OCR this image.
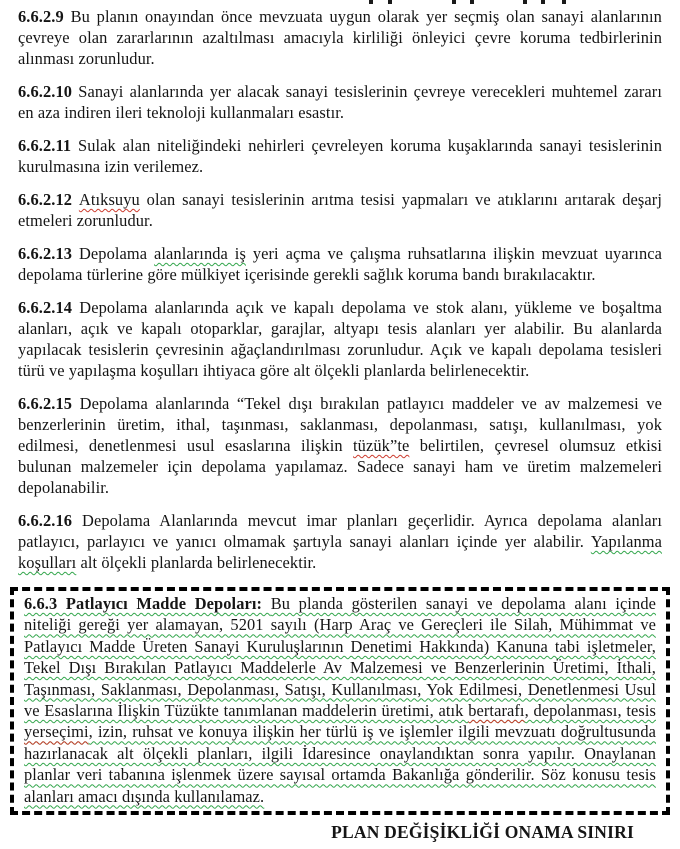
6.6.2.9 Bu planın onayından önce mevzuata uygun olarak yer seçmiş olan sanayi alanlarının çevreye olan zararlarının azaltılması amacıyla kirliliği önleyici çevre koruma tedbirlerinin alınması zorunludur.

6.6.2.10 Sanayi alanlarında yer alacak sanayi tesislerinin çevreye verecekleri muhtemel zararı en aza indiren ileri teknoloji kullanmaları esastır.

6.6.2.11 Sulak alan niteliğindeki nehirleri çevreleyen koruma kuşaklarında sanayi tesislerinin kurulmasına izin verilemez.

6.6.2.12 Atıksuyu olan sanayi tesislerinin arıtma tesisi yapmaları ve atıklarını arıtarak deşarj etmeleri zorunludur.

6.6.2.13 Depolama alanlarında iş yeri açma ve çalışma ruhsatlarına ilişkin mevzuat uyarınca depolama türlerine göre mülkiyet içerisinde gerekli sağlık koruma bandı bırakılacaktır.

6.6.2.14 Depolama alanlarında açık ve kapalı depolama ve stok alanı, yükleme ve boşaltma alanları, açık ve kapalı otoparklar, garajlar, altyapı tesis alanları yer alabilir. Bu alanlarda yapılacak tesislerin çevresinin ağaçlandırılması zorunludur. Açık ve kapalı depolama tesisleri türü ve yapılaşma koşulları ihtiyaca göre alt ölçekli planlarda belirlenecektir.

6.6.2.15 Depolama alanlarında “Tekel dışı bırakılan patlayıcı maddeler ve av malzemesi ve benzerlerinin üretim, ithal, taşınması, saklanması, depolanması, satışı, kullanılması, yok edilmesi, denetlenmesi usul esaslarına ilişkin tüzük”te belirtilen, çevresel olumsuz etkisi bulunan malzemeler için depolama yapılamaz. Sadece sanayi ham ve üretim malzemeleri depolanabilir.

6.6.2.16 Depolama Alanlarında mevcut imar planları geçerlidir. Ayrıca depolama alanları patlayıcı, parlayıcı ve yanıcı olmamak şartıyla sanayi alanları içinde yer alabilir. Yapılanma koşulları alt ölçekli planlarda belirlenecektir.

6.6.3 Patlayıcı Madde Depoları: Bu planda gösterilen sanayi ve depolama alanı içinde niteliği gereği yer alamayan, 5201 sayılı (Harp Araç ve Gereçleri ile Silah, Mühimmat ve Patlayıcı Madde Üreten Sanayi Kuruluşlarının Denetimi Hakkında) Kanuna tabi işletmeler, Tekel Dışı Bırakılan Patlayıcı Maddelerle Av Malzemesi ve Benzerlerinin Üretimi, İthali, Taşınması, Saklanması, Depolanması, Satışı, Kullanılması, Yok Edilmesi, Denetlenmesi Usul ve Esaslarına İlişkin Tüzükte tanımlanan maddelerin üretimi, atık bertarafı, depolanması, tesis yerseçimi, izin, ruhsat ve konuya ilişkin her türlü iş ve işlemler ilgili mevzuatı doğrultusunda hazırlanacak alt ölçekli planları, ilgili İdaresince onaylandıktan sonra yapılır. Onaylanan planlar veri tabanına işlenmek üzere sayısal ortamda Bakanlığa gönderilir. Söz konusu tesis alanları amacı dışında kullanılamaz.

PLAN DEĞİŞİKLİĞİ ONAMA SINIRI
